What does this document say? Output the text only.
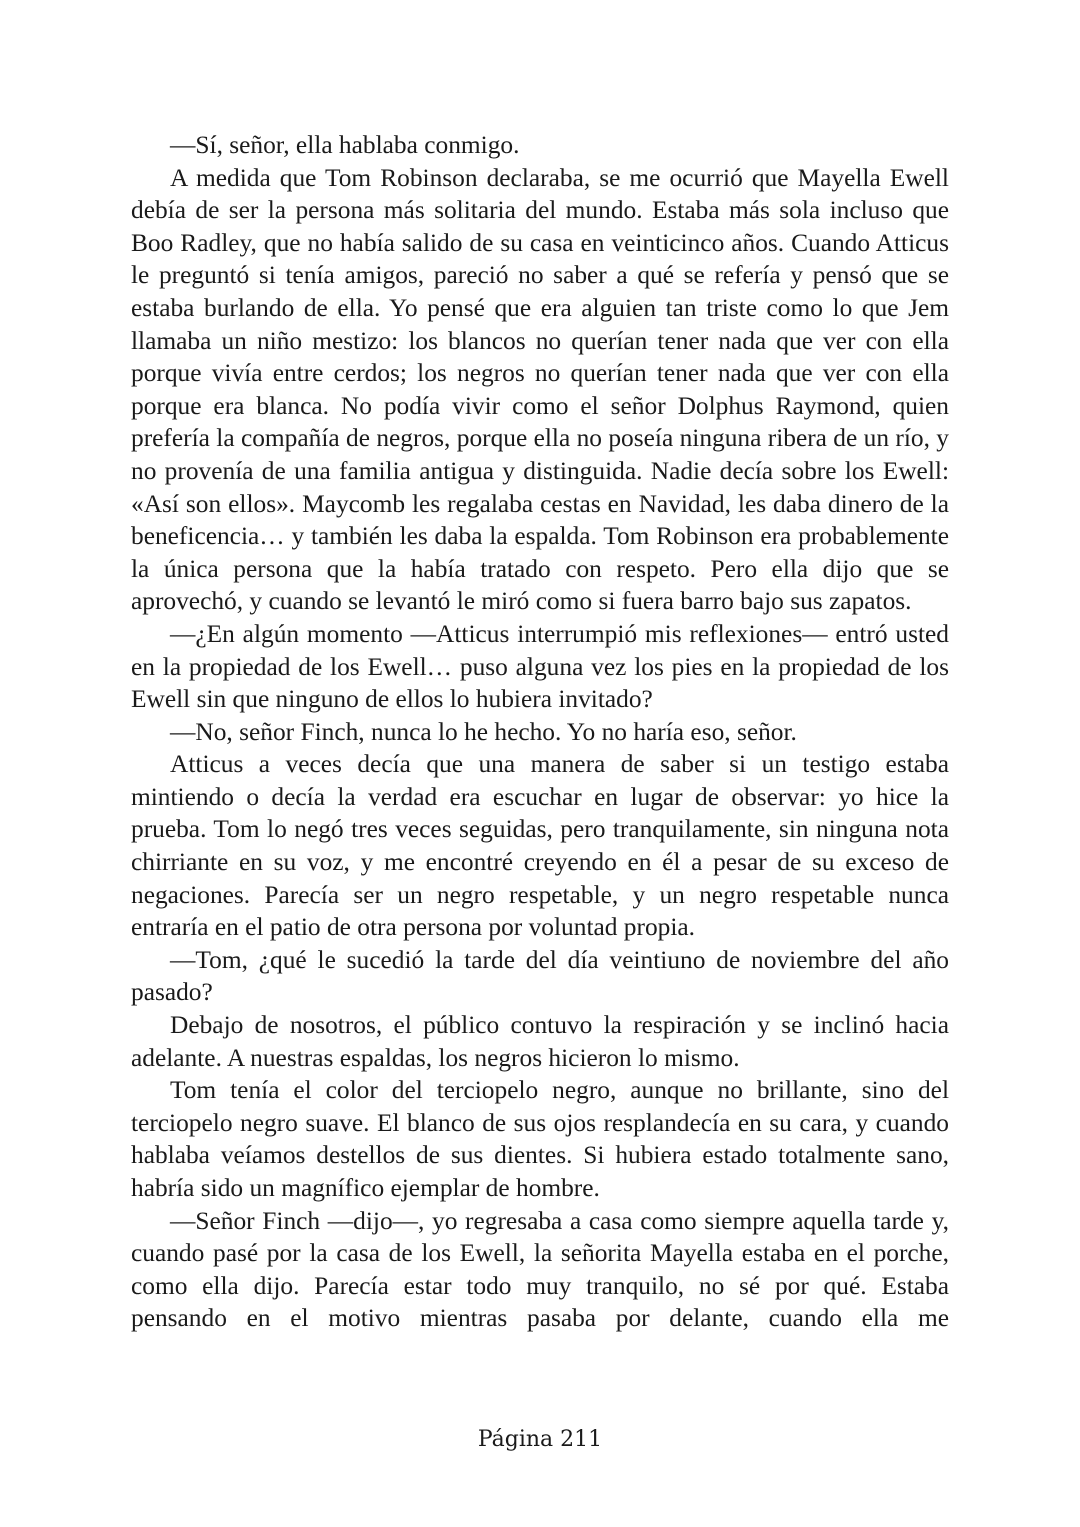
—Sí, señor, ella hablaba conmigo.

A medida que Tom Robinson declaraba, se me ocurrió que Mayella Ewell debía de ser la persona más solitaria del mundo. Estaba más sola incluso que Boo Radley, que no había salido de su casa en veinticinco años. Cuando Atticus le preguntó si tenía amigos, pareció no saber a qué se refería y pensó que se estaba burlando de ella. Yo pensé que era alguien tan triste como lo que Jem llamaba un niño mestizo: los blancos no querían tener nada que ver con ella porque vivía entre cerdos; los negros no querían tener nada que ver con ella porque era blanca. No podía vivir como el señor Dolphus Raymond, quien prefería la compañía de negros, porque ella no poseía ninguna ribera de un río, y no provenía de una familia antigua y distinguida. Nadie decía sobre los Ewell: «Así son ellos». Maycomb les regalaba cestas en Navidad, les daba dinero de la beneficencia… y también les daba la espalda. Tom Robinson era probablemente la única persona que la había tratado con respeto. Pero ella dijo que se aprovechó, y cuando se levantó le miró como si fuera barro bajo sus zapatos.

—¿En algún momento —Atticus interrumpió mis reflexiones— entró usted en la propiedad de los Ewell… puso alguna vez los pies en la propiedad de los Ewell sin que ninguno de ellos lo hubiera invitado?

—No, señor Finch, nunca lo he hecho. Yo no haría eso, señor.

Atticus a veces decía que una manera de saber si un testigo estaba mintiendo o decía la verdad era escuchar en lugar de observar: yo hice la prueba. Tom lo negó tres veces seguidas, pero tranquilamente, sin ninguna nota chirriante en su voz, y me encontré creyendo en él a pesar de su exceso de negaciones. Parecía ser un negro respetable, y un negro respetable nunca entraría en el patio de otra persona por voluntad propia.

—Tom, ¿qué le sucedió la tarde del día veintiuno de noviembre del año pasado?

Debajo de nosotros, el público contuvo la respiración y se inclinó hacia adelante. A nuestras espaldas, los negros hicieron lo mismo.

Tom tenía el color del terciopelo negro, aunque no brillante, sino del terciopelo negro suave. El blanco de sus ojos resplandecía en su cara, y cuando hablaba veíamos destellos de sus dientes. Si hubiera estado totalmente sano, habría sido un magnífico ejemplar de hombre.

—Señor Finch —dijo—, yo regresaba a casa como siempre aquella tarde y, cuando pasé por la casa de los Ewell, la señorita Mayella estaba en el porche, como ella dijo. Parecía estar todo muy tranquilo, no sé por qué. Estaba pensando en el motivo mientras pasaba por delante, cuando ella me

Página 211
